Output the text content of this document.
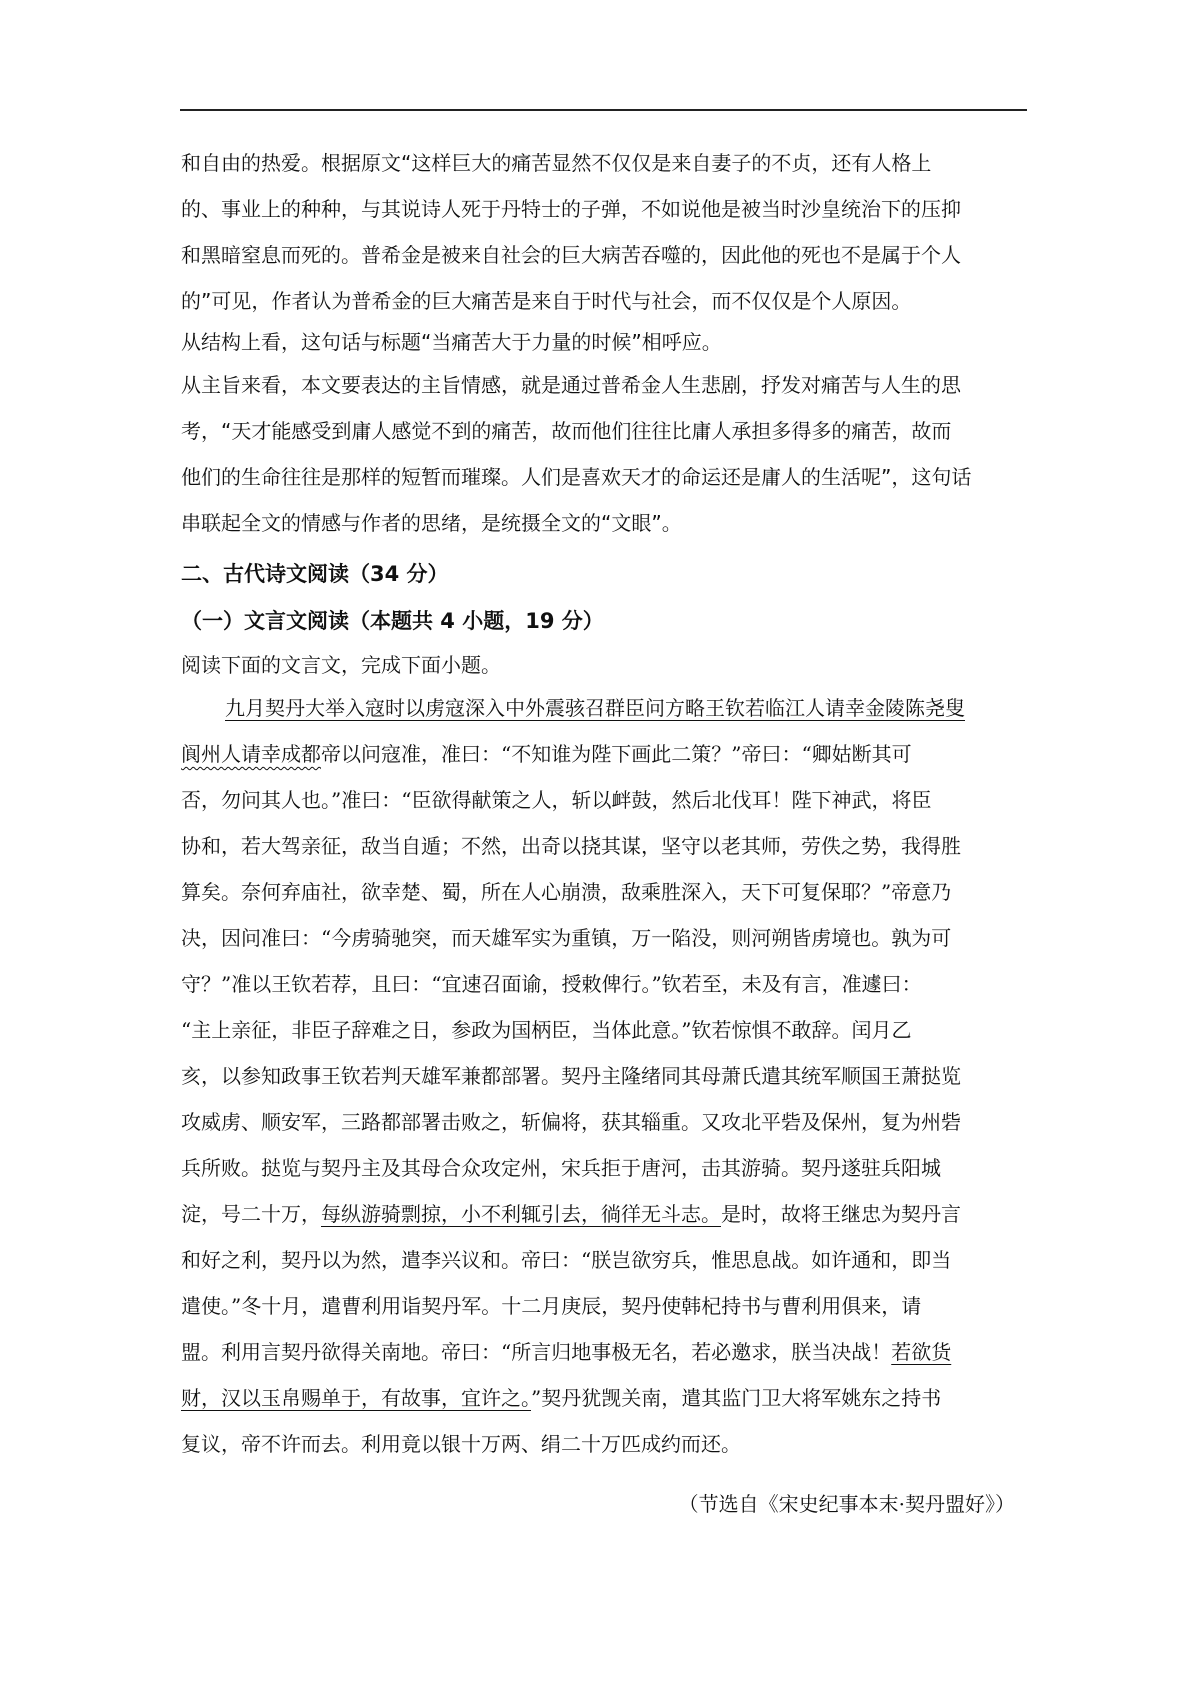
和自由的热爱。根据原文“这样巨大的痛苦显然不仅仅是来自妻子的不贞，还有人格上
的、事业上的种种，与其说诗人死于丹特士的子弹，不如说他是被当时沙皇统治下的压抑
和黑暗窒息而死的。普希金是被来自社会的巨大病苦吞噬的，因此他的死也不是属于个人
的”可见，作者认为普希金的巨大痛苦是来自于时代与社会，而不仅仅是个人原因。
从结构上看，这句话与标题“当痛苦大于力量的时候”相呼应。
从主旨来看，本文要表达的主旨情感，就是通过普希金人生悲剧，抒发对痛苦与人生的思
考，“天才能感受到庸人感觉不到的痛苦，故而他们往往比庸人承担多得多的痛苦，故而
他们的生命往往是那样的短暂而璀璨。人们是喜欢天才的命运还是庸人的生活呢”，这句话
串联起全文的情感与作者的思绪，是统摄全文的“文眼”。
二、古代诗文阅读（34 分）
（一）文言文阅读（本题共 4 小题，19 分）
阅读下面的文言文，完成下面小题。
九月契丹大举入寇时以虏寇深入中外震骇召群臣问方略王钦若临江人请幸金陵陈尧叟
阆州人请幸成都帝以问寇准，准曰：“不知谁为陛下画此二策？”帝曰：“卿姑断其可
否，勿问其人也。”准曰：“臣欲得献策之人，斩以衅鼓，然后北伐耳！陛下神武，将臣
协和，若大驾亲征，敌当自遁；不然，出奇以挠其谋，坚守以老其师，劳佚之势，我得胜
算矣。奈何弃庙社，欲幸楚、蜀，所在人心崩溃，敌乘胜深入，天下可复保耶？”帝意乃
决，因问准曰：“今虏骑驰突，而天雄军实为重镇，万一陷没，则河朔皆虏境也。孰为可
守？”准以王钦若荐，且曰：“宜速召面谕，授敕俾行。”钦若至，未及有言，准遽曰：
“主上亲征，非臣子辞难之日，参政为国柄臣，当体此意。”钦若惊惧不敢辞。闰月乙
亥，以参知政事王钦若判天雄军兼都部署。契丹主隆绪同其母萧氏遣其统军顺国王萧挞览
攻威虏、顺安军，三路都部署击败之，斩偏将，获其辎重。又攻北平砦及保州，复为州砦
兵所败。挞览与契丹主及其母合众攻定州，宋兵拒于唐河，击其游骑。契丹遂驻兵阳城
淀，号二十万，每纵游骑剽掠，小不利辄引去，徜徉无斗志。是时，故将王继忠为契丹言
和好之利，契丹以为然，遣李兴议和。帝曰：“朕岂欲穷兵，惟思息战。如许通和，即当
遣使。”冬十月，遣曹利用诣契丹军。十二月庚辰，契丹使韩杞持书与曹利用俱来，请
盟。利用言契丹欲得关南地。帝曰：“所言归地事极无名，若必邀求，朕当决战！若欲货
财，汉以玉帛赐单于，有故事，宜许之。”契丹犹觊关南，遣其监门卫大将军姚东之持书
复议，帝不许而去。利用竟以银十万两、绢二十万匹成约而还。
（节选自《宋史纪事本末·契丹盟好》）
